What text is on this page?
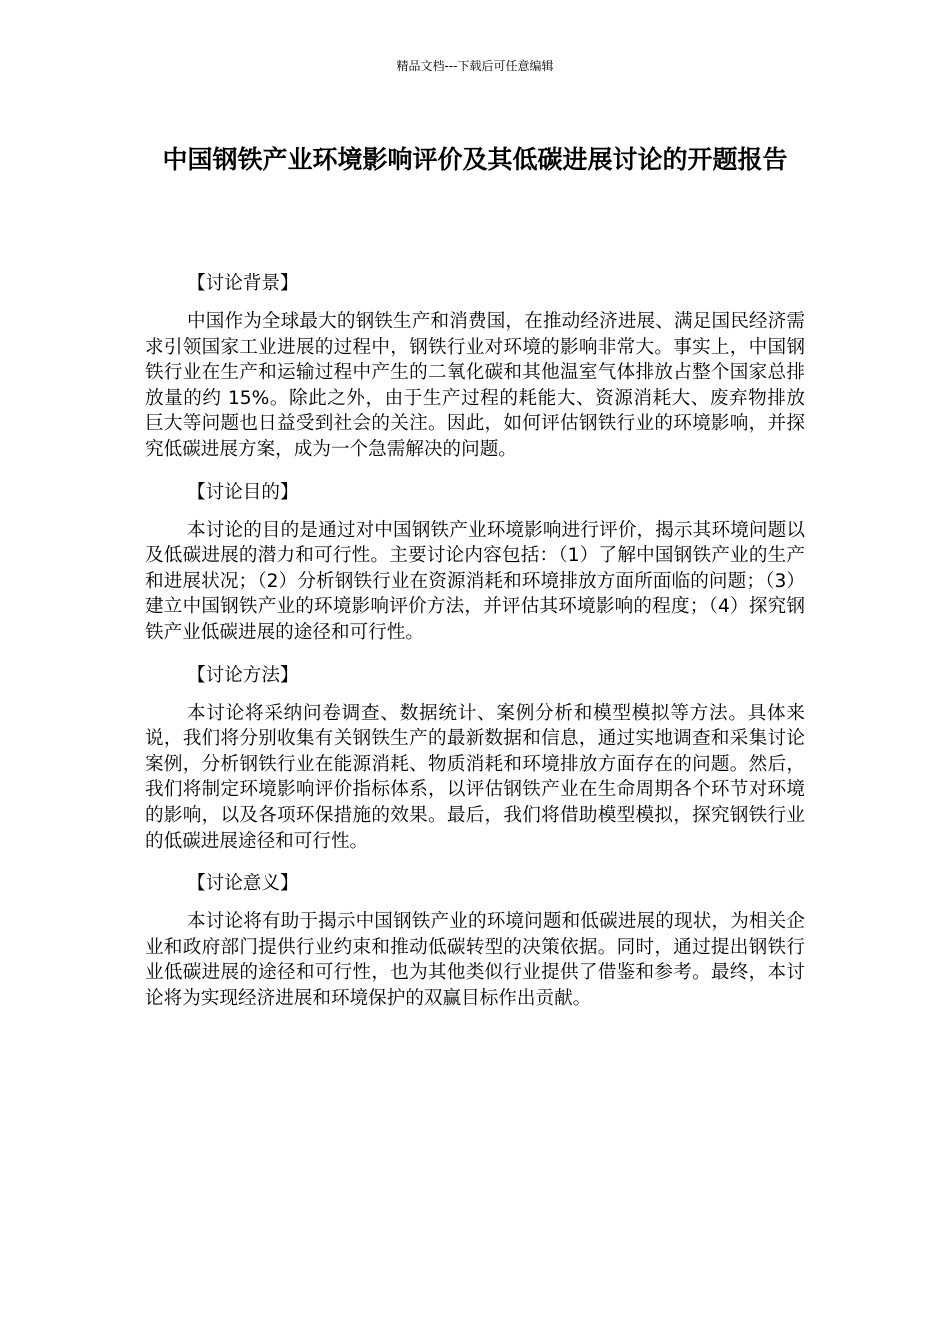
精品文档---下载后可任意编辑
中国钢铁产业环境影响评价及其低碳进展讨论的开题报告

【讨论背景】

中国作为全球最大的钢铁生产和消费国，在推动经济进展、满足国民经济需求引领国家工业进展的过程中，钢铁行业对环境的影响非常大。事实上，中国钢铁行业在生产和运输过程中产生的二氧化碳和其他温室气体排放占整个国家总排放量的约 15%。除此之外，由于生产过程的耗能大、资源消耗大、废弃物排放巨大等问题也日益受到社会的关注。因此，如何评估钢铁行业的环境影响，并探究低碳进展方案，成为一个急需解决的问题。

【讨论目的】

本讨论的目的是通过对中国钢铁产业环境影响进行评价，揭示其环境问题以及低碳进展的潜力和可行性。主要讨论内容包括：（1）了解中国钢铁产业的生产和进展状况；（2）分析钢铁行业在资源消耗和环境排放方面所面临的问题；（3）建立中国钢铁产业的环境影响评价方法，并评估其环境影响的程度；（4）探究钢铁产业低碳进展的途径和可行性。

【讨论方法】

本讨论将采纳问卷调查、数据统计、案例分析和模型模拟等方法。具体来说，我们将分别收集有关钢铁生产的最新数据和信息，通过实地调查和采集讨论案例，分析钢铁行业在能源消耗、物质消耗和环境排放方面存在的问题。然后，我们将制定环境影响评价指标体系，以评估钢铁产业在生命周期各个环节对环境的影响，以及各项环保措施的效果。最后，我们将借助模型模拟，探究钢铁行业的低碳进展途径和可行性。

【讨论意义】

本讨论将有助于揭示中国钢铁产业的环境问题和低碳进展的现状，为相关企业和政府部门提供行业约束和推动低碳转型的决策依据。同时，通过提出钢铁行业低碳进展的途径和可行性，也为其他类似行业提供了借鉴和参考。最终，本讨论将为实现经济进展和环境保护的双赢目标作出贡献。
